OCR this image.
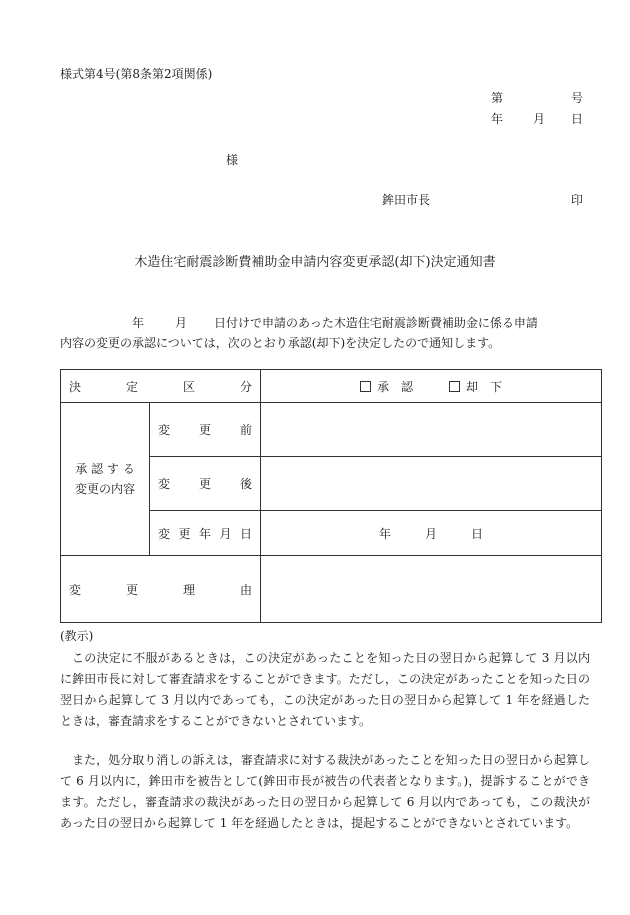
様式第4号(第8条第2項関係)
第	号
年 月 日
様
鉾田市長	印
木造住宅耐震診断費補助金申請内容変更承認(却下)決定通知書
年	月 日付けで申請のあった木造住宅耐震診断費補助金に係る申請
内容の変更の承認については，次のとおり承認(却下)を決定したので通知します。
決 定 区 分		承 認 却 下

承 認 す る
変更の内容	変 更 前	

	変 更 後	

	変 更 年 月 日	年 月 日

変 更 理 由		

(教示)
この決定に不服があるときは，この決定があったことを知った日の翌日から起算して 3 月以内に鉾田市長に対して審査請求をすることができます。ただし，この決定があったことを知った日の翌日から起算して 3 月以内であっても，この決定があった日の翌日から起算して 1 年を経過したときは，審査請求をすることができないとされています。
また，処分取り消しの訴えは，審査請求に対する裁決があったことを知った日の翌日から起算して 6 月以内に，鉾田市を被告として(鉾田市長が被告の代表者となります。)，提訴することができます。ただし，審査請求の裁決があった日の翌日から起算して 6 月以内であっても，この裁決があった日の翌日から起算して 1 年を経過したときは，提起することができないとされています。
